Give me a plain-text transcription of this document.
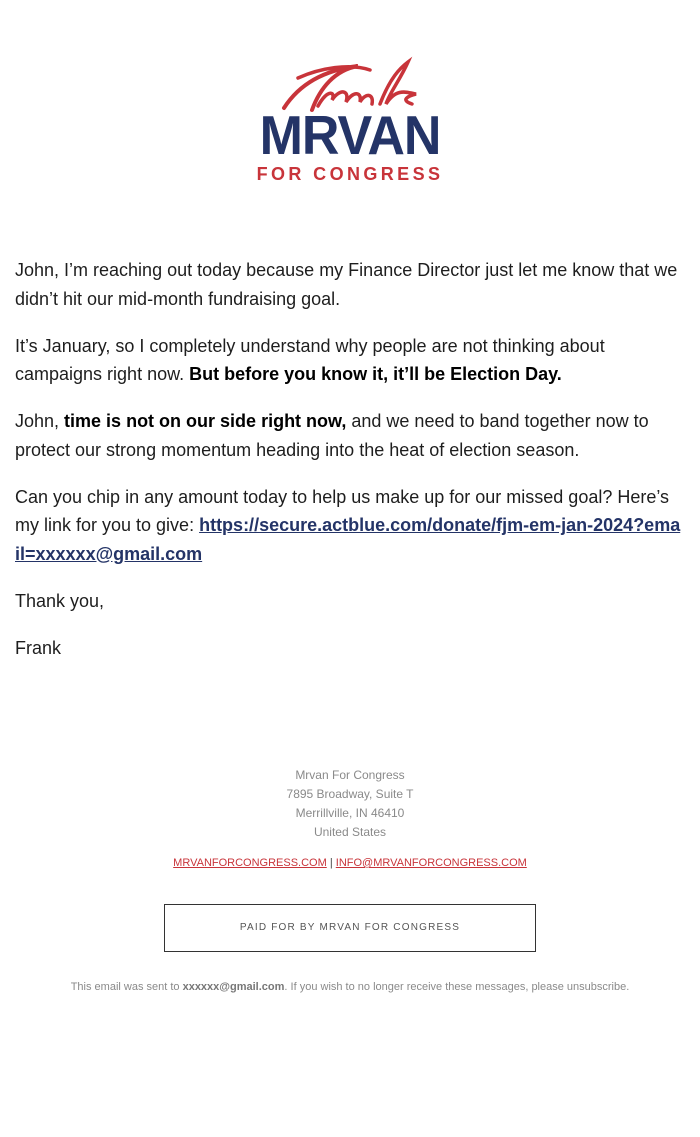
MRVAN
FOR CONGRESS

John, I’m reaching out today because my Finance Director just let me know that we didn’t hit our mid-month fundraising goal.

It’s January, so I completely understand why people are not thinking about campaigns right now. But before you know it, it’ll be Election Day.

John, time is not on our side right now, and we need to band together now to protect our strong momentum heading into the heat of election season.

Can you chip in any amount today to help us make up for our missed goal? Here’s my link for you to give: https://secure.actblue.com/donate/fjm-em-jan-2024?email=xxxxxx@gmail.com

Thank you,

Frank

Mrvan For Congress
7895 Broadway, Suite T
Merrillville, IN 46410
United States
MRVANFORCONGRESS.COM | INFO@MRVANFORCONGRESS.COM
PAID FOR BY MRVAN FOR CONGRESS
This email was sent to xxxxxx@gmail.com. If you wish to no longer receive these messages, please unsubscribe.
